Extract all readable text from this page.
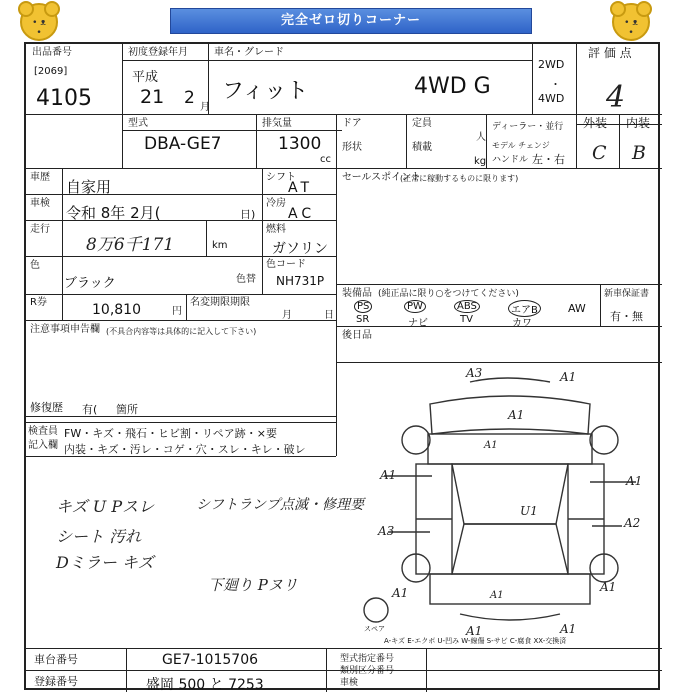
• ᴥ •
完全ゼロ切りコーナー	• ᴥ •
出品番号
[2069]
4105
初度登録年月
平成
21 2 月
車名・グレード
フィット	4WD G
2WD
・
4WD
評 価 点
4
外装 内装
C B
型式
DBA-GE7
排気量
1300
cc
ドア	定員
人
形状	積載
kg
ディーラー・並行
モデル チェンジ
ハンドル 左・右
車歴
自家用
シフト
AT
セールスポイント
(正常に稼動するものに限ります)
車検
令和 8年 2月(	日)
冷房
AC
走行
8万6千171	km
燃料
ガソリン
色
ブラック	色替
色コード
NH731P
R券	10,810	円
名変期限期限
月	日
注意事項申告欄 (不具合内容等は具体的に記入して下さい)
装備品 (純正品に限り○をつけてください)
PS	PW	ABS	エアB	AW
SR	ナビ	TV	カワ
新車保証書
有・無
後日品
修復歴 有( 箇所
検査員
記入欄
FW・キズ・飛石・ヒビ割・リペア跡・×要
内装・キズ・汚レ・コゲ・穴・スレ・キレ・破レ
キズ U Pスレ
シート 汚れ
Dミラー キズ
シフトランプ点滅・修理要
下廻り Pヌリ
A-キズ E-エクボ U-凹み W-線傷 S-サビ C-腐食 XX-交換済
車台番号	GE7-1015706
登録番号	盛岡 500 と 7253
型式指定番号
類別区分番号
車検
A3	A1
A1
A1	A1
A1
U1
A2
A3
A1	A1
A1
A1	A1
スペア
